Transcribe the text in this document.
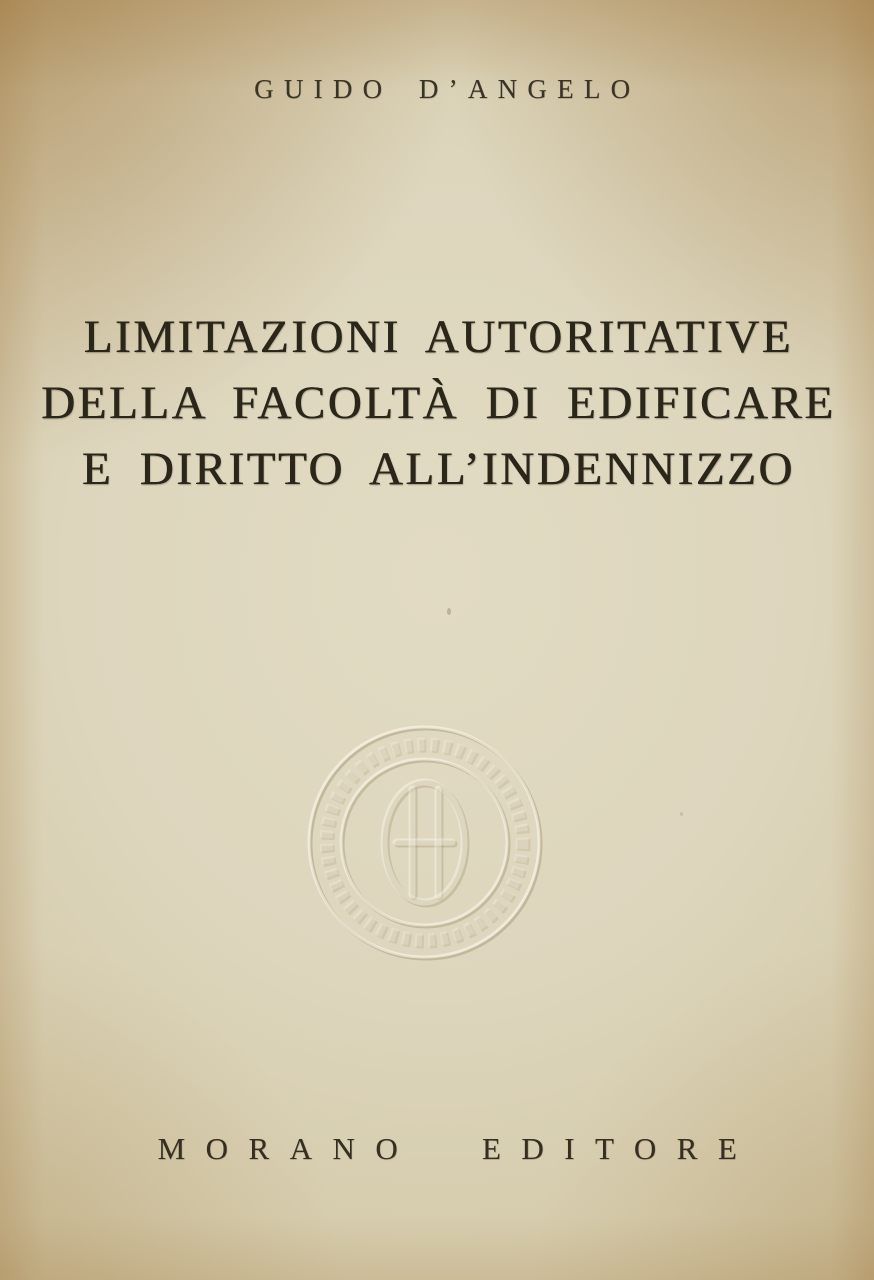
GUIDO D’ANGELO
LIMITAZIONI AUTORITATIVE
DELLA FACOLTÀ DI EDIFICARE
E DIRITTO ALL’INDENNIZZO
MORANO EDITORE
